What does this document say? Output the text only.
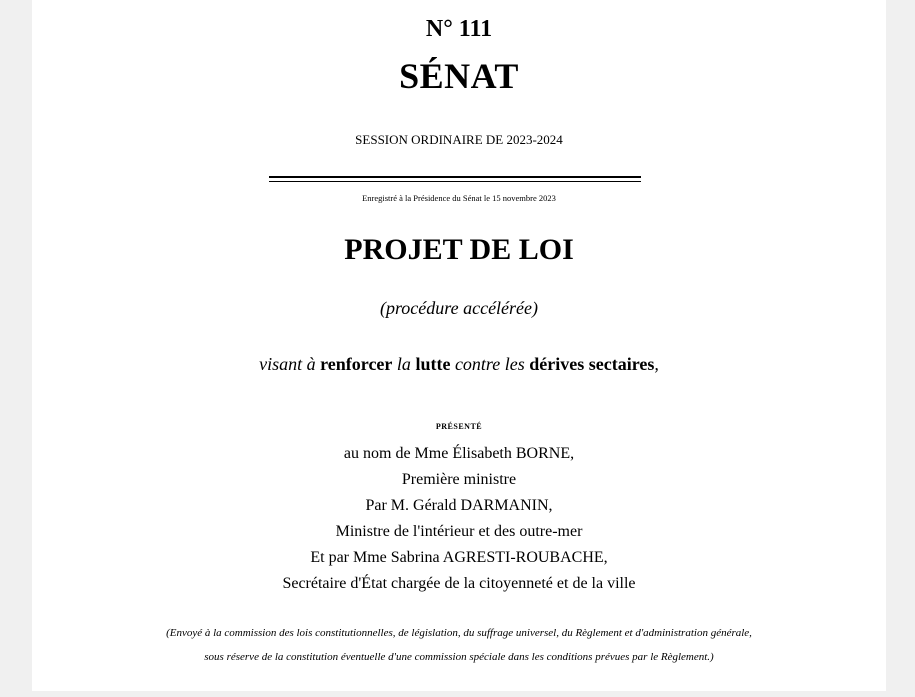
N° 111
SÉNAT
SESSION ORDINAIRE DE 2023-2024
Enregistré à la Présidence du Sénat le 15 novembre 2023
PROJET DE LOI
(procédure accélérée)
visant à renforcer la lutte contre les dérives sectaires,
présenté
au nom de Mme Élisabeth BORNE,
Première ministre
Par M. Gérald DARMANIN,
Ministre de l'intérieur et des outre-mer
Et par Mme Sabrina AGRESTI-ROUBACHE,
Secrétaire d'État chargée de la citoyenneté et de la ville
(Envoyé à la commission des lois constitutionnelles, de législation, du suffrage universel, du Règlement et d'administration générale,
sous réserve de la constitution éventuelle d'une commission spéciale dans les conditions prévues par le Règlement.)
